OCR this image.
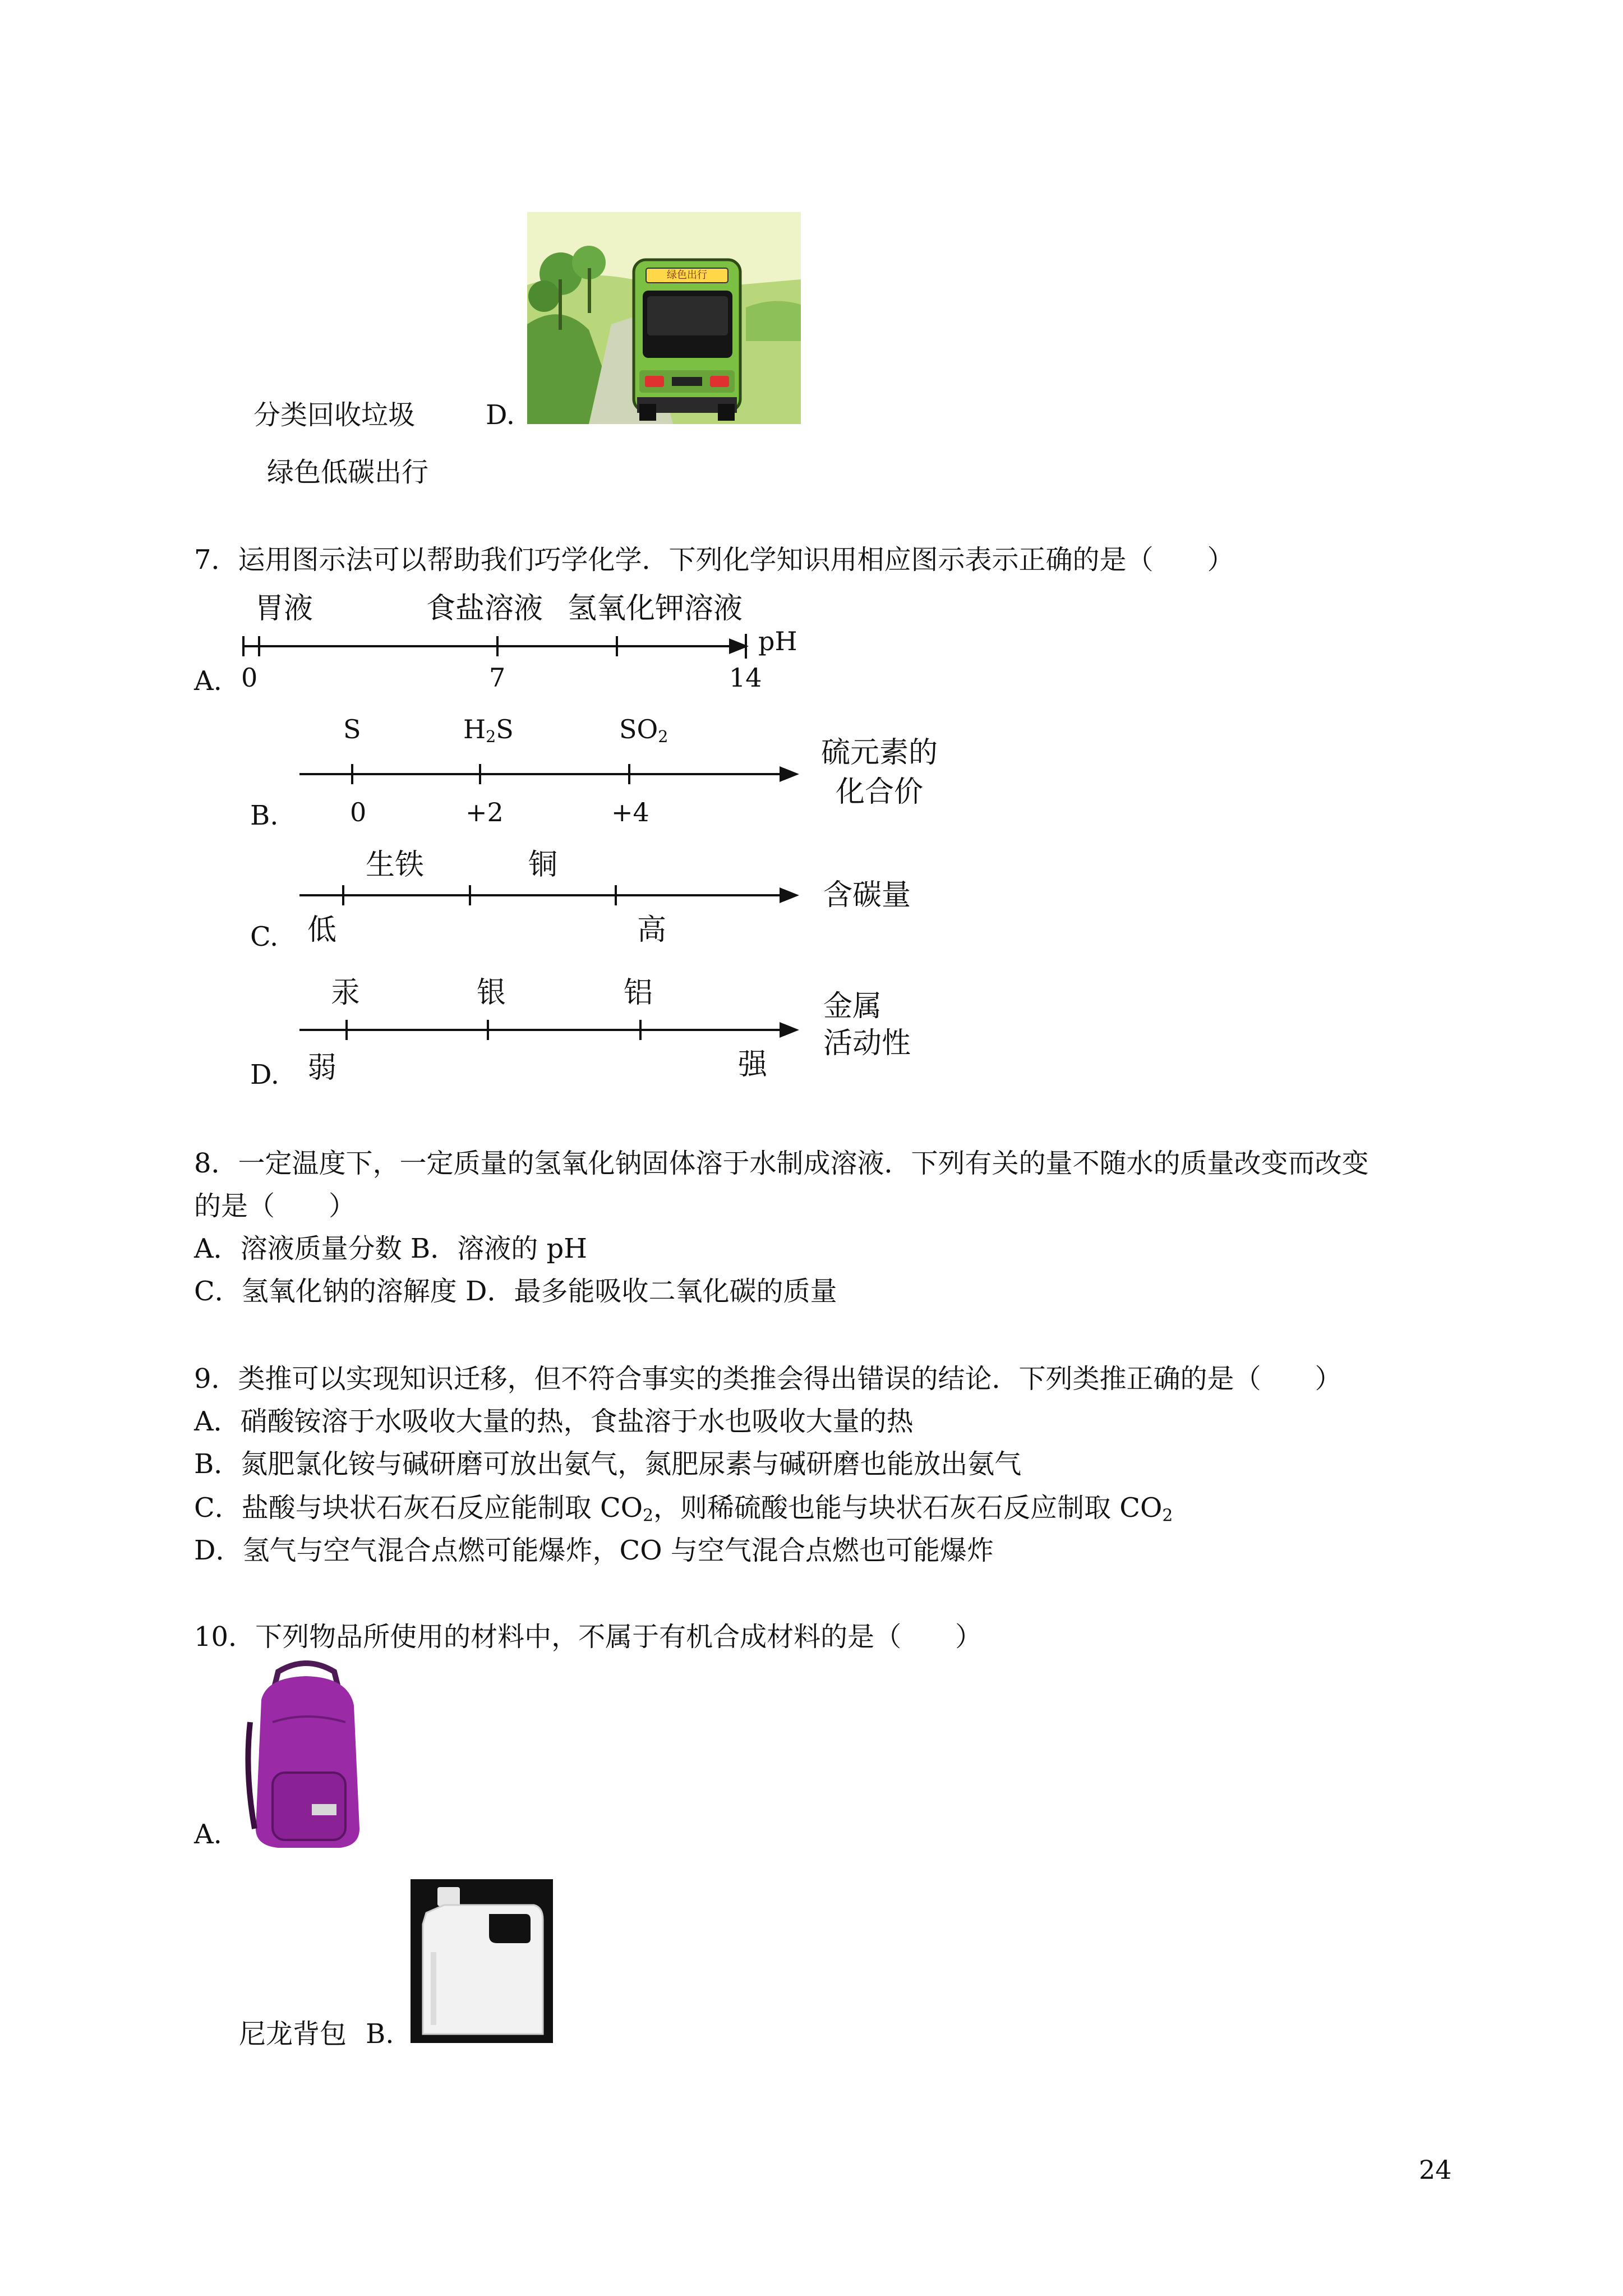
绿色出行
分类回收垃圾	D.
绿色低碳出行
7．运用图示法可以帮助我们巧学化学．下列化学知识用相应图示表示正确的是（　　）
胃液	食盐溶液 氢氧化钾溶液
pH
A. 0	7	14
S	$H_2S$	$SO_2$	硫元素的
化合价
B.	0	+2	+4
生铁	铜
含碳量
C. 低	高
汞	银	铝	金属
活动性
D. 弱	强
8．一定温度下，一定质量的氢氧化钠固体溶于水制成溶液．下列有关的量不随水的质量改变而改变
的是（　　）
A．溶液质量分数 B．溶液的 pH
C．氢氧化钠的溶解度 D．最多能吸收二氧化碳的质量
9．类推可以实现知识迁移，但不符合事实的类推会得出错误的结论．下列类推正确的是（　　）
A．硝酸铵溶于水吸收大量的热，食盐溶于水也吸收大量的热
B．氮肥氯化铵与碱研磨可放出氨气，氮肥尿素与碱研磨也能放出氨气
C．盐酸与块状石灰石反应能制取 $CO_2$，则稀硫酸也能与块状石灰石反应制取 $CO_2$
D．氢气与空气混合点燃可能爆炸，CO 与空气混合点燃也可能爆炸
10．下列物品所使用的材料中，不属于有机合成材料的是（　　）
A.
尼龙背包 B.
24
